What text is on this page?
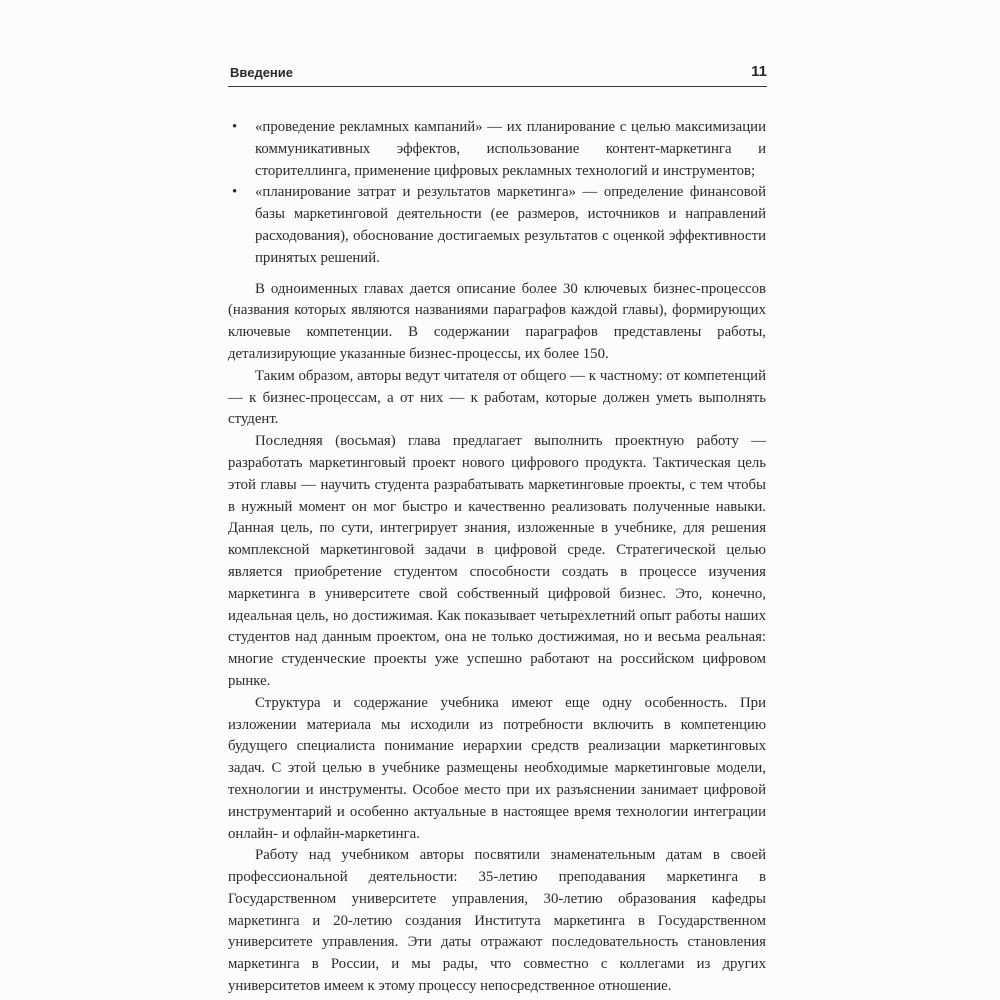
Введение	11
• «проведение рекламных кампаний» — их планирование с целью максимизации коммуникативных эффектов, использование контент-маркетинга и сторителлинга, применение цифровых рекламных технологий и инструментов;
• «планирование затрат и результатов маркетинга» — определение финансовой базы маркетинговой деятельности (ее размеров, источников и направлений расходования), обоснование достигаемых результатов с оценкой эффективности принятых решений.

В одноименных главах дается описание более 30 ключевых бизнес-процессов (названия которых являются названиями параграфов каждой главы), формирующих ключевые компетенции. В содержании параграфов представлены работы, детализирующие указанные бизнес-процессы, их более 150.

Таким образом, авторы ведут читателя от общего — к частному: от компетенций — к бизнес-процессам, а от них — к работам, которые должен уметь выполнять студент.

Последняя (восьмая) глава предлагает выполнить проектную работу — разработать маркетинговый проект нового цифрового продукта. Тактическая цель этой главы — научить студента разрабатывать маркетинговые проекты, с тем чтобы в нужный момент он мог быстро и качественно реализовать полученные навыки. Данная цель, по сути, интегрирует знания, изложенные в учебнике, для решения комплексной маркетинговой задачи в цифровой среде. Стратегической целью является приобретение студентом способности создать в процессе изучения маркетинга в университете свой собственный цифровой бизнес. Это, конечно, идеальная цель, но достижимая. Как показывает четырехлетний опыт работы наших студентов над данным проектом, она не только достижимая, но и весьма реальная: многие студенческие проекты уже успешно работают на российском цифровом рынке.

Структура и содержание учебника имеют еще одну особенность. При изложении материала мы исходили из потребности включить в компетенцию будущего специалиста понимание иерархии средств реализации маркетинговых задач. С этой целью в учебнике размещены необходимые маркетинговые модели, технологии и инструменты. Особое место при их разъяснении занимает цифровой инструментарий и особенно актуальные в настоящее время технологии интеграции онлайн- и офлайн-маркетинга.

Работу над учебником авторы посвятили знаменательным датам в своей профессиональной деятельности: 35-летию преподавания маркетинга в Государственном университете управления, 30-летию образования кафедры маркетинга и 20-летию создания Института маркетинга в Государственном университете управления. Эти даты отражают последовательность становления маркетинга в России, и мы рады, что совместно с коллегами из других университетов имеем к этому процессу непосредственное отношение.
